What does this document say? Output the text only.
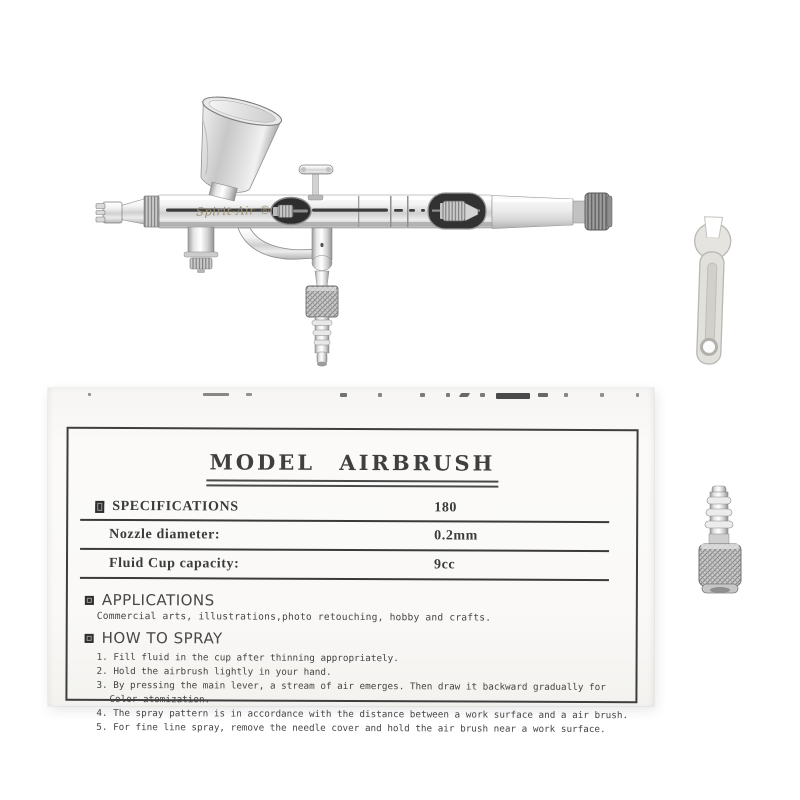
Spirit-Air ®
MODEL AIRBRUSH
SPECIFICATIONS	180
Nozzle diameter:	0.2mm
Fluid Cup capacity:	9cc
APPLICATIONS
Commercial arts, illustrations,photo retouching, hobby and crafts.
HOW TO SPRAY
1. Fill fluid in the cup after thinning appropriately.
2. Hold the airbrush lightly in your hand.
3. By pressing the main lever, a stream of air emerges. Then draw it backward gradually for
Color atomization.
4. The spray pattern is in accordance with the distance between a work surface and a air brush.
5. For fine line spray, remove the needle cover and hold the air brush near a work surface.
